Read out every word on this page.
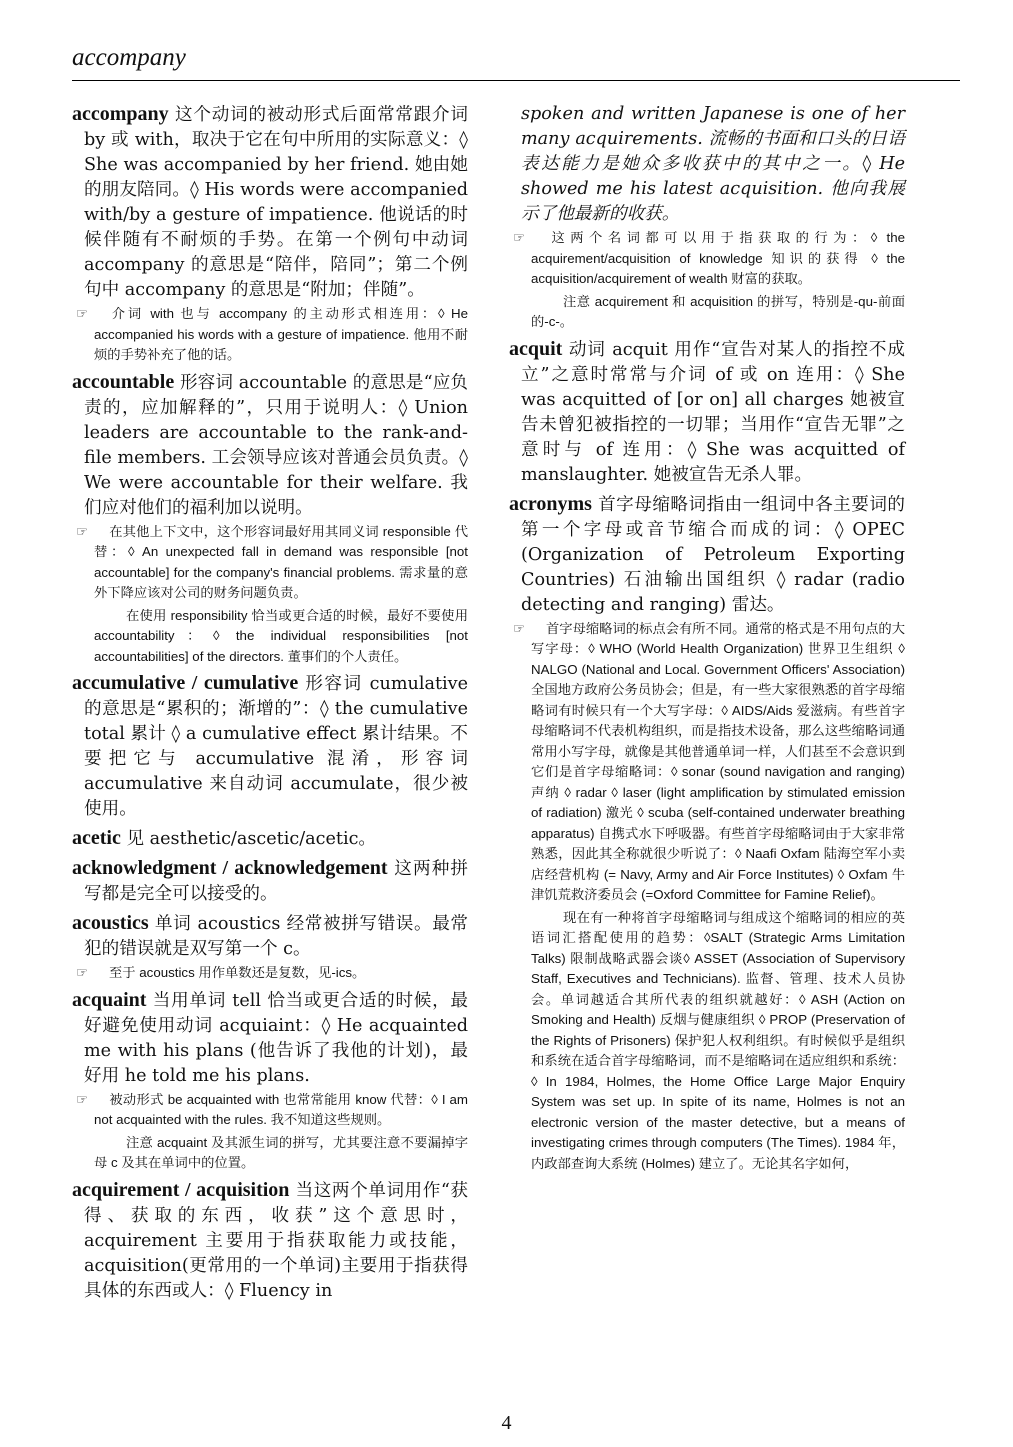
accompany

accompany 这个动词的被动形式后面常常跟介词 by 或 with，取决于它在句中所用的实际意义：◊ She was accompanied by her friend. 她由她的朋友陪同。◊ His words were accompanied with/by a gesture of impatience. 他说话的时候伴随有不耐烦的手势。在第一个例句中动词 accompany 的意思是“陪伴，陪同”；第二个例句中 accompany 的意思是“附加；伴随”。

☞ 介词 with 也与 accompany 的主动形式相连用：◊ He accompanied his words with a gesture of impatience. 他用不耐烦的手势补充了他的话。

accountable 形容词 accountable 的意思是“应负责的，应加解释的”，只用于说明人：◊ Union leaders are accountable to the rank-and-file members. 工会领导应该对普通会员负责。◊ We were accountable for their welfare. 我们应对他们的福利加以说明。

☞ 在其他上下文中，这个形容词最好用其同义词 responsible 代替：◊ An unexpected fall in demand was responsible [not accountable] for the company's financial problems. 需求量的意外下降应该对公司的财务问题负责。

在使用 responsibility 恰当或更合适的时候，最好不要使用 accountability：◊ the individual responsibilities [not accountabilities] of the directors. 董事们的个人责任。

accumulative / cumulative 形容词 cumulative 的意思是“累积的；渐增的”：◊ the cumulative total 累计 ◊ a cumulative effect 累计结果。不要把它与 accumulative 混淆，形容词 accumulative 来自动词 accumulate，很少被使用。

acetic 见 aesthetic/ascetic/acetic。

acknowledgment / acknowledgement 这两种拼写都是完全可以接受的。

acoustics 单词 acoustics 经常被拼写错误。最常犯的错误就是双写第一个 c。

☞ 至于 acoustics 用作单数还是复数，见-ics。

acquaint 当用单词 tell 恰当或更合适的时候，最好避免使用动词 acquiaint：◊ He acquainted me with his plans (他告诉了我他的计划)，最好用 he told me his plans.

☞ 被动形式 be acquainted with 也常常能用 know 代替：◊ I am not acquainted with the rules. 我不知道这些规则。

注意 acquaint 及其派生词的拼写，尤其要注意不要漏掉字母 c 及其在单词中的位置。

acquirement / acquisition 当这两个单词用作“获得、获取的东西，收获”这个意思时，acquirement 主要用于指获取能力或技能，acquisition(更常用的一个单词)主要用于指获得具体的东西或人：◊ Fluency in

spoken and written Japanese is one of her many acquirements. 流畅的书面和口头的日语表达能力是她众多收获中的其中之一。◊ He showed me his latest acquisition. 他向我展示了他最新的收获。

☞ 这两个名词都可以用于指获取的行为：◊ the acquirement/acquisition of knowledge 知识的获得 ◊ the acquisition/acquirement of wealth 财富的获取。

注意 acquirement 和 acquisition 的拼写，特别是-qu-前面的-c-。

acquit 动词 acquit 用作“宣告对某人的指控不成立”之意时常常与介词 of 或 on 连用：◊ She was acquitted of [or on] all charges 她被宣告未曾犯被指控的一切罪；当用作“宣告无罪”之意时与 of 连用：◊ She was acquitted of manslaughter. 她被宣告无杀人罪。

acronyms 首字母缩略词指由一组词中各主要词的第一个字母或音节缩合而成的词：◊ OPEC (Organization of Petroleum Exporting Countries) 石油输出国组织 ◊ radar (radio detecting and ranging) 雷达。

☞ 首字母缩略词的标点会有所不同。通常的格式是不用句点的大写字母：◊ WHO (World Health Organization) 世界卫生组织 ◊ NALGO (National and Local. Government Officers' Association) 全国地方政府公务员协会；但是，有一些大家很熟悉的首字母缩略词有时候只有一个大写字母：◊ AIDS/Aids 爱滋病。有些首字母缩略词不代表机构组织，而是指技术设备，那么这些缩略词通常用小写字母，就像是其他普通单词一样，人们甚至不会意识到它们是首字母缩略词：◊ sonar (sound navigation and ranging) 声纳 ◊ radar ◊ laser (light amplification by stimulated emission of radiation) 激光 ◊ scuba (self-contained underwater breathing apparatus) 自携式水下呼吸器。有些首字母缩略词由于大家非常熟悉，因此其全称就很少听说了：◊ Naafi Oxfam 陆海空军小卖店经营机构 (= Navy, Army and Air Force Institutes) ◊ Oxfam 牛津饥荒救济委员会 (=Oxford Committee for Famine Relief)。

现在有一种将首字母缩略词与组成这个缩略词的相应的英语词汇搭配使用的趋势：◊SALT (Strategic Arms Limitation Talks) 限制战略武器会谈◊ ASSET (Association of Supervisory Staff, Executives and Technicians). 监督、管理、技术人员协会。单词越适合其所代表的组织就越好：◊ ASH (Action on Smoking and Health) 反烟与健康组织 ◊ PROP (Preservation of the Rights of Prisoners) 保护犯人权利组织。有时候似乎是组织和系统在适合首字母缩略词，而不是缩略词在适应组织和系统：◊ In 1984, Holmes, the Home Office Large Major Enquiry System was set up. In spite of its name, Holmes is not an electronic version of the master detective, but a means of investigating crimes through computers (The Times). 1984 年，内政部查询大系统 (Holmes) 建立了。无论其名字如何，

4
